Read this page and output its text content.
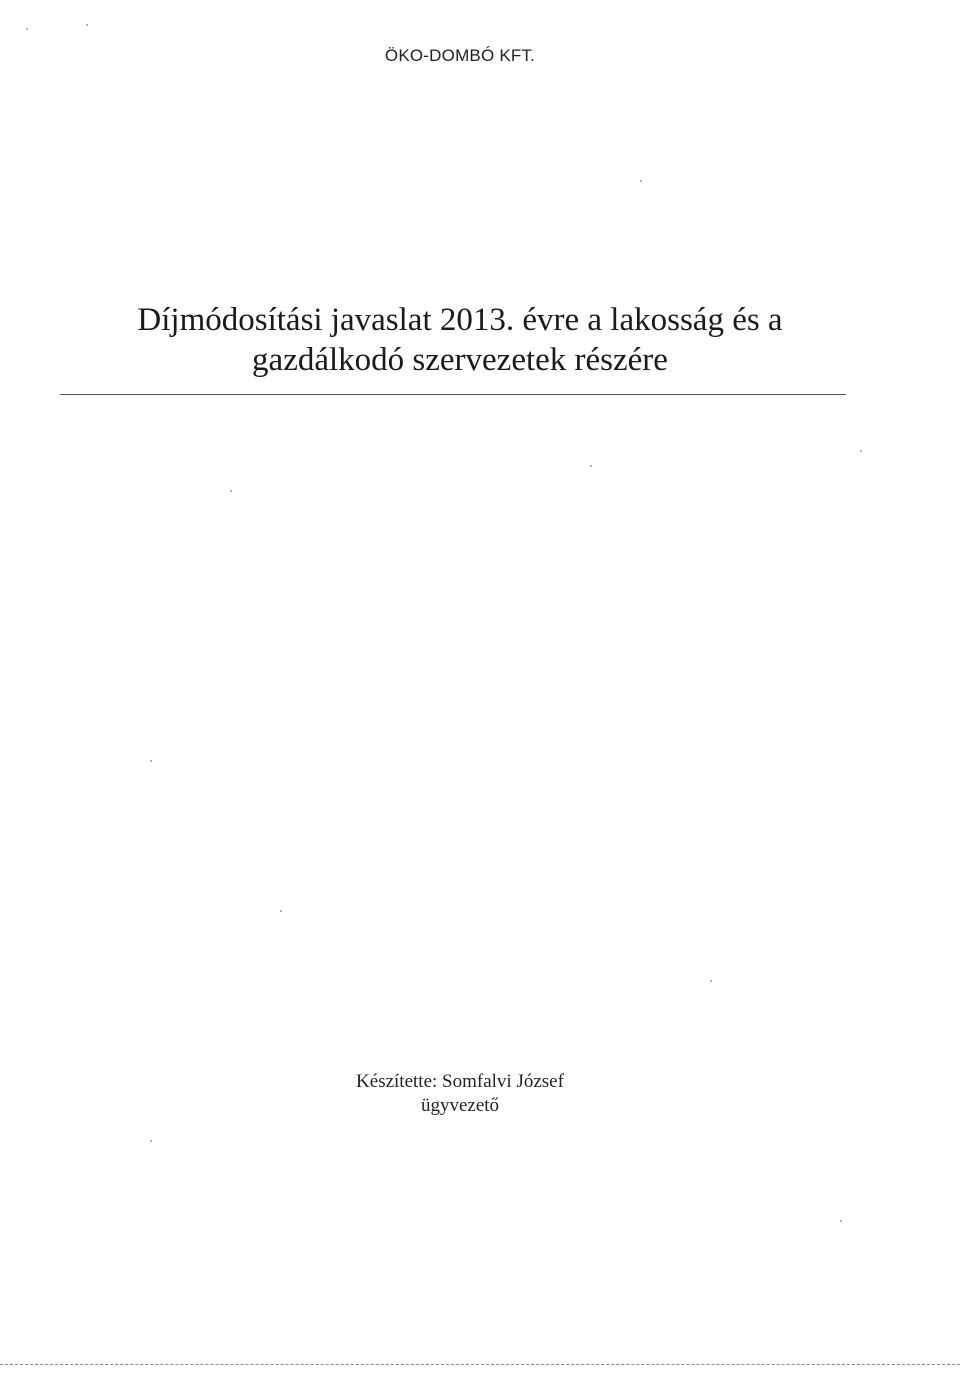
ÖKO-DOMBÓ KFT.
Díjmódosítási javaslat 2013. évre a lakosság és a
gazdálkodó szervezetek részére
Készítette: Somfalvi József
ügyvezető
